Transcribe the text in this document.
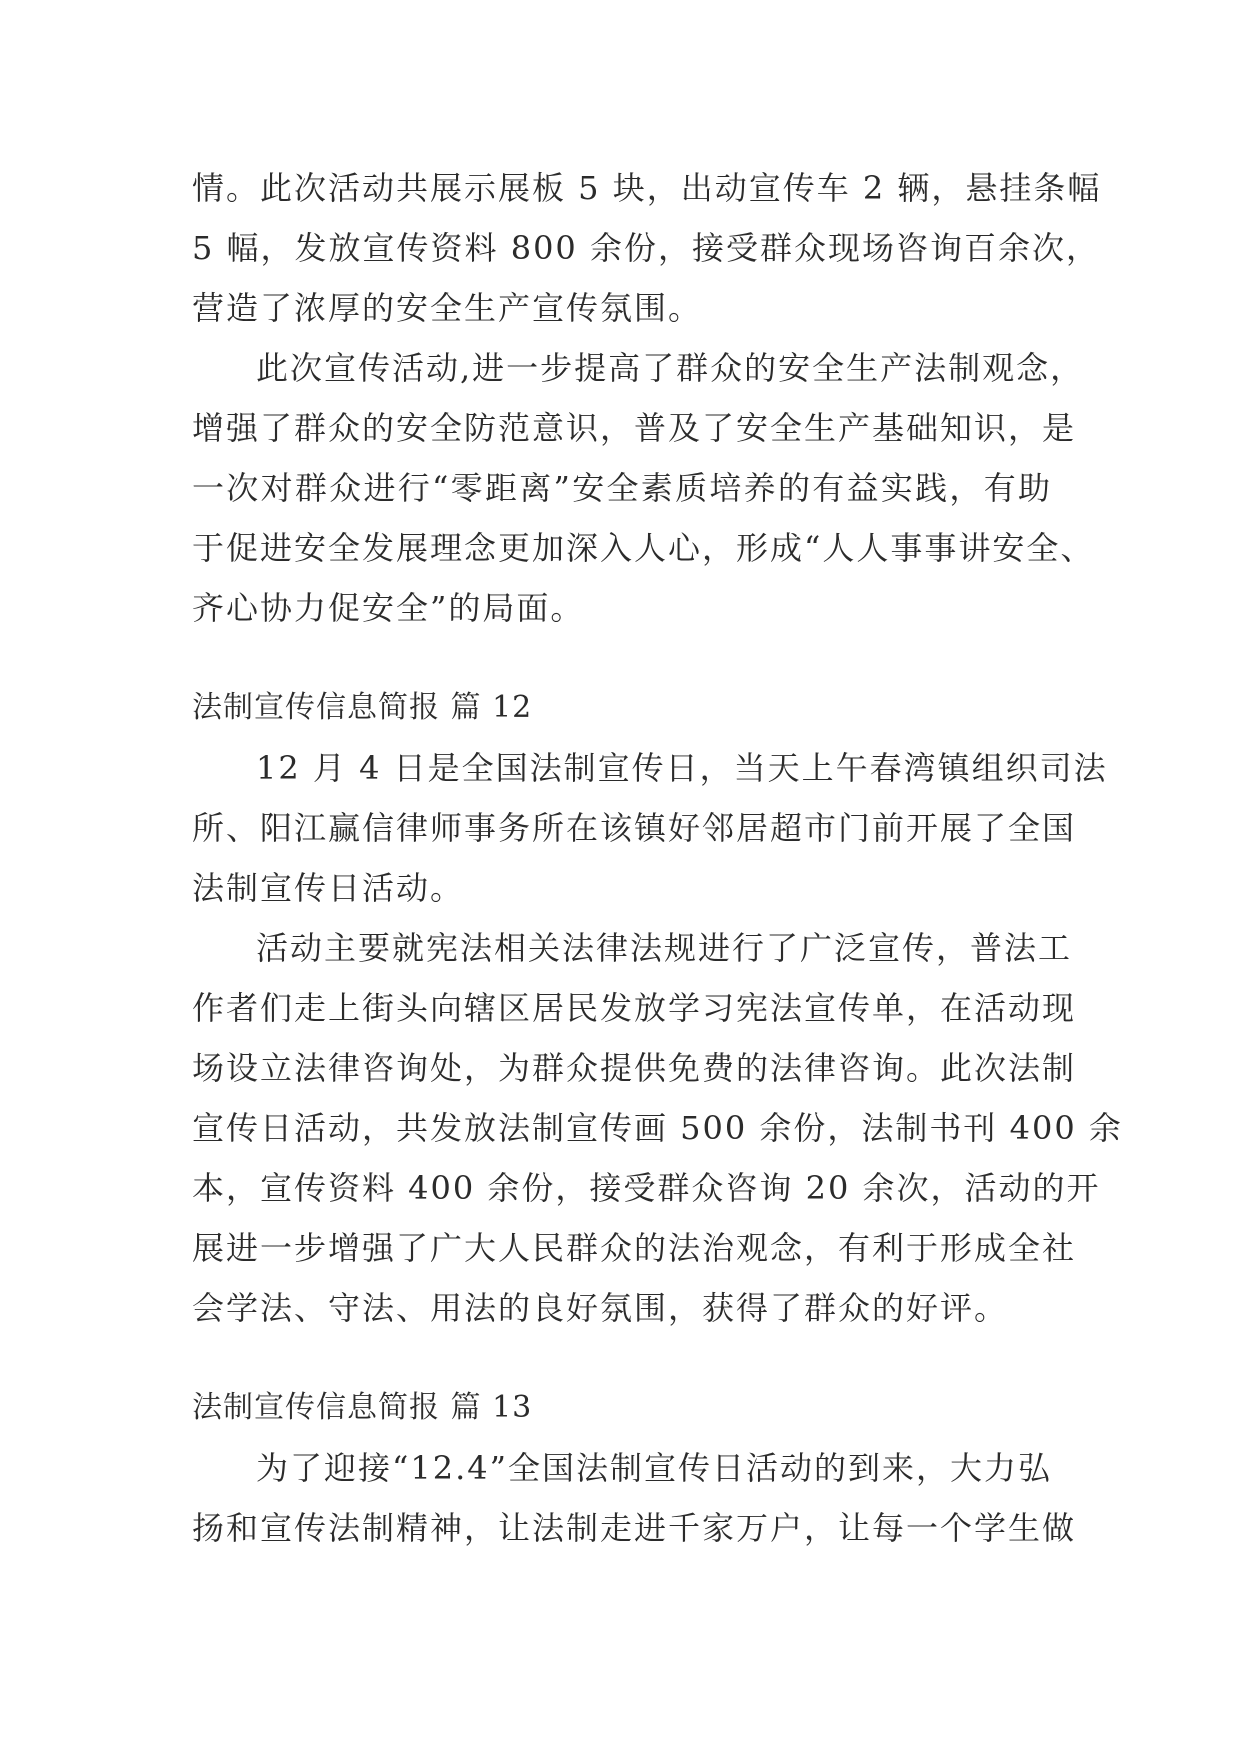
情。此次活动共展示展板 5 块，出动宣传车 2 辆，悬挂条幅
5 幅，发放宣传资料 800 余份，接受群众现场咨询百余次，
营造了浓厚的安全生产宣传氛围。
此次宣传活动,进一步提高了群众的安全生产法制观念，
增强了群众的安全防范意识，普及了安全生产基础知识，是
一次对群众进行“零距离”安全素质培养的有益实践，有助
于促进安全发展理念更加深入人心，形成“人人事事讲安全、
齐心协力促安全”的局面。
法制宣传信息简报 篇 12
12 月 4 日是全国法制宣传日，当天上午春湾镇组织司法
所、阳江赢信律师事务所在该镇好邻居超市门前开展了全国
法制宣传日活动。
活动主要就宪法相关法律法规进行了广泛宣传，普法工
作者们走上街头向辖区居民发放学习宪法宣传单，在活动现
场设立法律咨询处，为群众提供免费的法律咨询。此次法制
宣传日活动，共发放法制宣传画 500 余份，法制书刊 400 余
本，宣传资料 400 余份，接受群众咨询 20 余次，活动的开
展进一步增强了广大人民群众的法治观念，有利于形成全社
会学法、守法、用法的良好氛围，获得了群众的好评。
法制宣传信息简报 篇 13
为了迎接“12.4”全国法制宣传日活动的到来，大力弘
扬和宣传法制精神，让法制走进千家万户，让每一个学生做
